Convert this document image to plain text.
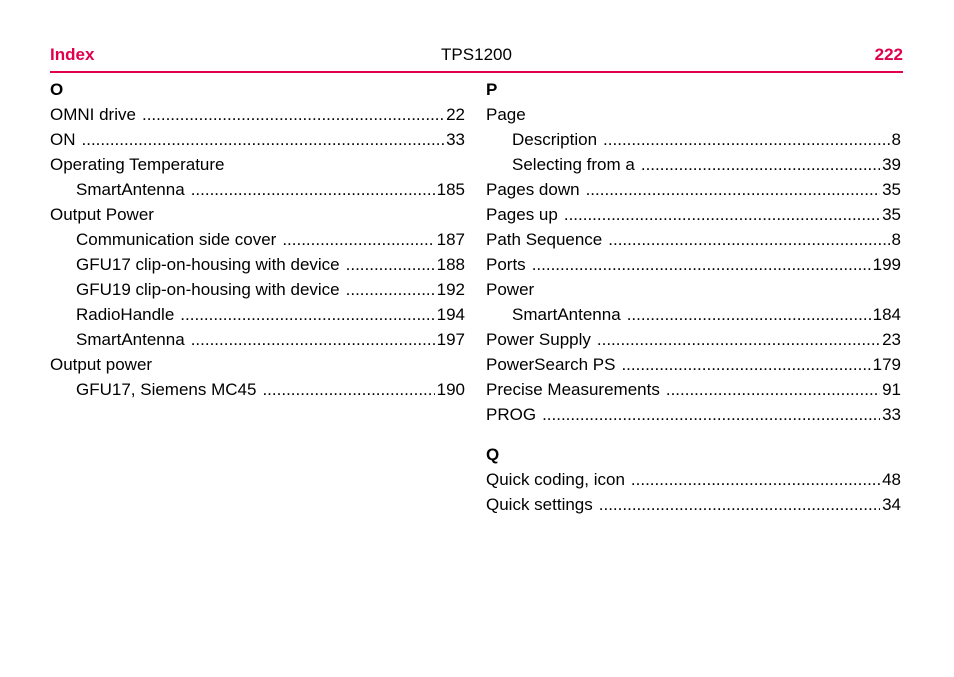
Index	TPS1200	222
O
OMNI drive .....	22
ON .....	33
Operating Temperature
SmartAntenna .....	185
Output Power
Communication side cover .....	187
GFU17 clip-on-housing with device .....	188
GFU19 clip-on-housing with device .....	192
RadioHandle .....	194
SmartAntenna .....	197
Output power
GFU17, Siemens MC45 .....	190
P
Page
Description .....	8
Selecting from a .....	39
Pages down .....	35
Pages up .....	35
Path Sequence .....	8
Ports .....	199
Power
SmartAntenna .....	184
Power Supply .....	23
PowerSearch PS .....	179
Precise Measurements .....	91
PROG .....	33
Q
Quick coding, icon .....	48
Quick settings .....	34
